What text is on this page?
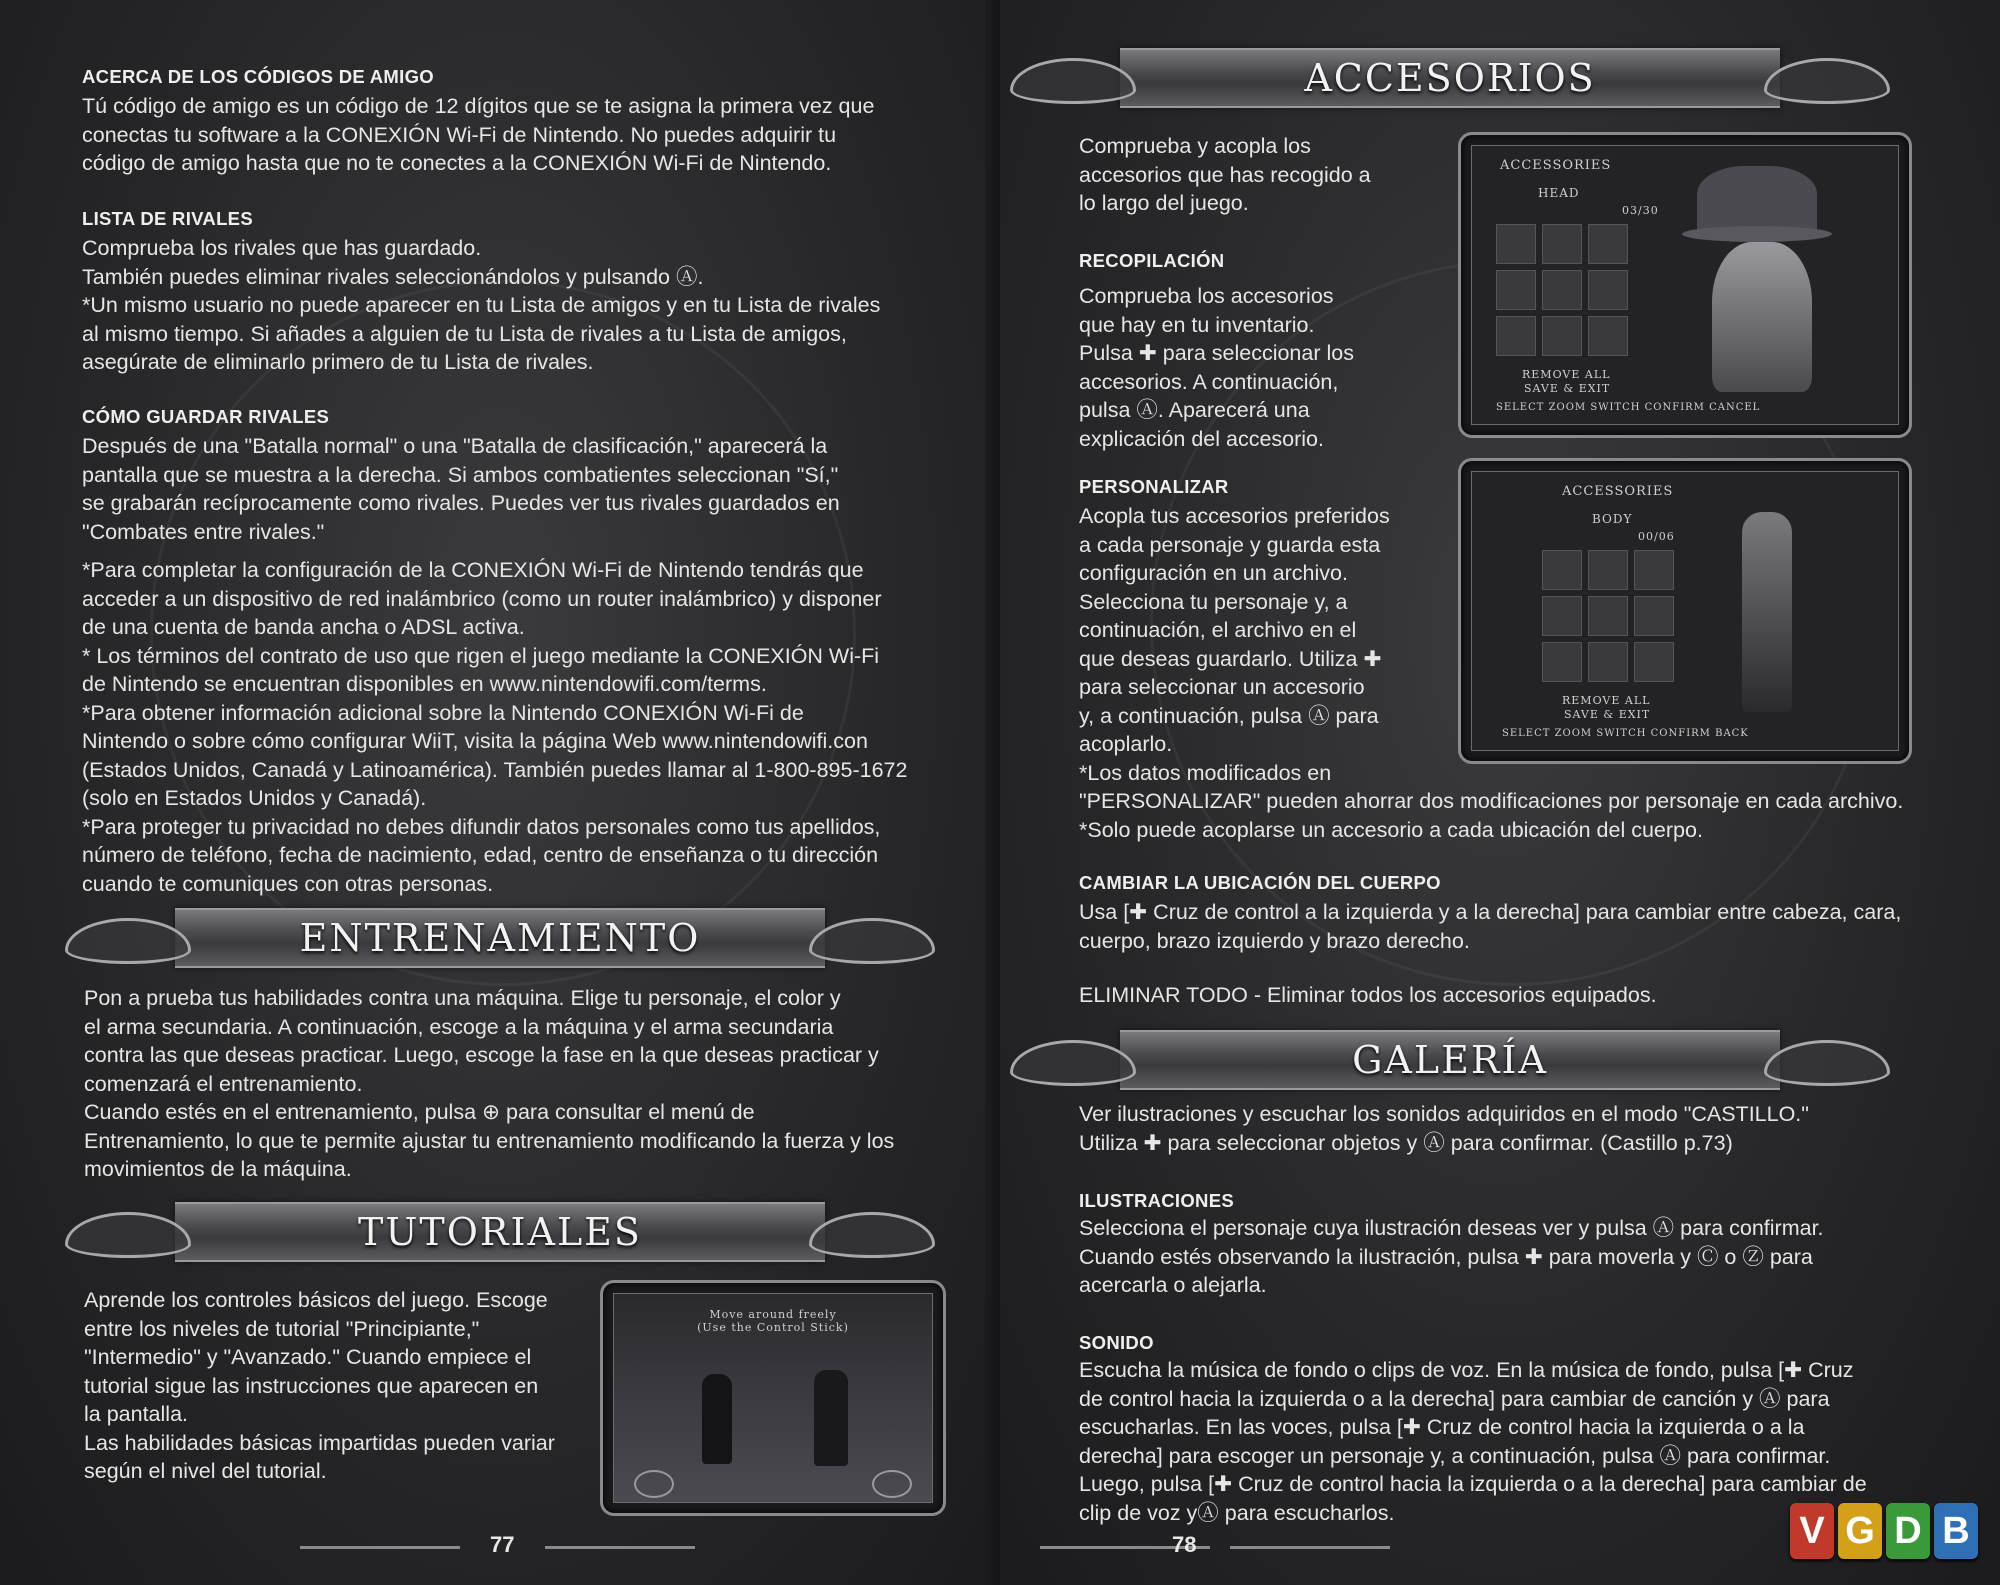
ACERCA DE LOS CÓDIGOS DE AMIGO
Tú código de amigo es un código de 12 dígitos que se te asigna la primera vez que
conectas tu software a la CONEXIÓN Wi-Fi de Nintendo. No puedes adquirir tu
código de amigo hasta que no te conectes a la CONEXIÓN Wi-Fi de Nintendo.
LISTA DE RIVALES
Comprueba los rivales que has guardado.
También puedes eliminar rivales seleccionándolos y pulsando Ⓐ.
*Un mismo usuario no puede aparecer en tu Lista de amigos y en tu Lista de rivales
al mismo tiempo. Si añades a alguien de tu Lista de rivales a tu Lista de amigos,
asegúrate de eliminarlo primero de tu Lista de rivales.
CÓMO GUARDAR RIVALES
Después de una "Batalla normal" o una "Batalla de clasificación," aparecerá la
pantalla que se muestra a la derecha. Si ambos combatientes seleccionan "Sí,"
se grabarán recíprocamente como rivales. Puedes ver tus rivales guardados en
"Combates entre rivales."
*Para completar la configuración de la CONEXIÓN Wi-Fi de Nintendo tendrás que
acceder a un dispositivo de red inalámbrico (como un router inalámbrico) y disponer
de una cuenta de banda ancha o ADSL activa.
* Los términos del contrato de uso que rigen el juego mediante la CONEXIÓN Wi-Fi
de Nintendo se encuentran disponibles en www.nintendowifi.com/terms.
*Para obtener información adicional sobre la Nintendo CONEXIÓN Wi-Fi de
Nintendo o sobre cómo configurar WiiT, visita la página Web www.nintendowifi.con
(Estados Unidos, Canadá y Latinoamérica). También puedes llamar al 1-800-895-1672
(solo en Estados Unidos y Canadá).
*Para proteger tu privacidad no debes difundir datos personales como tus apellidos,
número de teléfono, fecha de nacimiento, edad, centro de enseñanza o tu dirección
cuando te comuniques con otras personas.
ENTRENAMIENTO
Pon a prueba tus habilidades contra una máquina. Elige tu personaje, el color y
el arma secundaria. A continuación, escoge a la máquina y el arma secundaria
contra las que deseas practicar. Luego, escoge la fase en la que deseas practicar y
comenzará el entrenamiento.
Cuando estés en el entrenamiento, pulsa ⊕ para consultar el menú de
Entrenamiento, lo que te permite ajustar tu entrenamiento modificando la fuerza y los
movimientos de la máquina.
TUTORIALES
Aprende los controles básicos del juego. Escoge
entre los niveles de tutorial "Principiante,"
"Intermedio" y "Avanzado." Cuando empiece el
tutorial sigue las instrucciones que aparecen en
la pantalla.
Las habilidades básicas impartidas pueden variar
según el nivel del tutorial.
Move around freely
(Use the Control Stick)
77
ACCESORIOS
Comprueba y acopla los
accesorios que has recogido a
lo largo del juego.
RECOPILACIÓN
Comprueba los accesorios
que hay en tu inventario.
Pulsa ✚ para seleccionar los
accesorios. A continuación,
pulsa Ⓐ. Aparecerá una
explicación del accesorio.
PERSONALIZAR
Acopla tus accesorios preferidos
a cada personaje y guarda esta
configuración en un archivo.
Selecciona tu personaje y, a
continuación, el archivo en el
que deseas guardarlo. Utiliza ✚
para seleccionar un accesorio
y, a continuación, pulsa Ⓐ para
acoplarlo.
*Los datos modificados en
"PERSONALIZAR" pueden ahorrar dos modificaciones por personaje en cada archivo.
*Solo puede acoplarse un accesorio a cada ubicación del cuerpo.
ACCESSORIES
HEAD
03/30
REMOVE ALL
SAVE & EXIT
SELECT ZOOM SWITCH CONFIRM CANCEL
ACCESSORIES
BODY
00/06
REMOVE ALL
SAVE & EXIT
SELECT ZOOM SWITCH CONFIRM BACK
CAMBIAR LA UBICACIÓN DEL CUERPO
Usa [✚ Cruz de control a la izquierda y a la derecha] para cambiar entre cabeza, cara,
cuerpo, brazo izquierdo y brazo derecho.
ELIMINAR TODO - Eliminar todos los accesorios equipados.
GALERÍA
Ver ilustraciones y escuchar los sonidos adquiridos en el modo "CASTILLO."
Utiliza ✚ para seleccionar objetos y Ⓐ para confirmar. (Castillo p.73)
ILUSTRACIONES
Selecciona el personaje cuya ilustración deseas ver y pulsa Ⓐ para confirmar.
Cuando estés observando la ilustración, pulsa ✚ para moverla y Ⓒ o Ⓩ para
acercarla o alejarla.
SONIDO
Escucha la música de fondo o clips de voz. En la música de fondo, pulsa [✚ Cruz
de control hacia la izquierda o a la derecha] para cambiar de canción y Ⓐ para
escucharlas. En las voces, pulsa [✚ Cruz de control hacia la izquierda o a la
derecha] para escoger un personaje y, a continuación, pulsa Ⓐ para confirmar.
Luego, pulsa [✚ Cruz de control hacia la izquierda o a la derecha] para cambiar de
clip de voz yⒶ para escucharlos.
78	V G D B
